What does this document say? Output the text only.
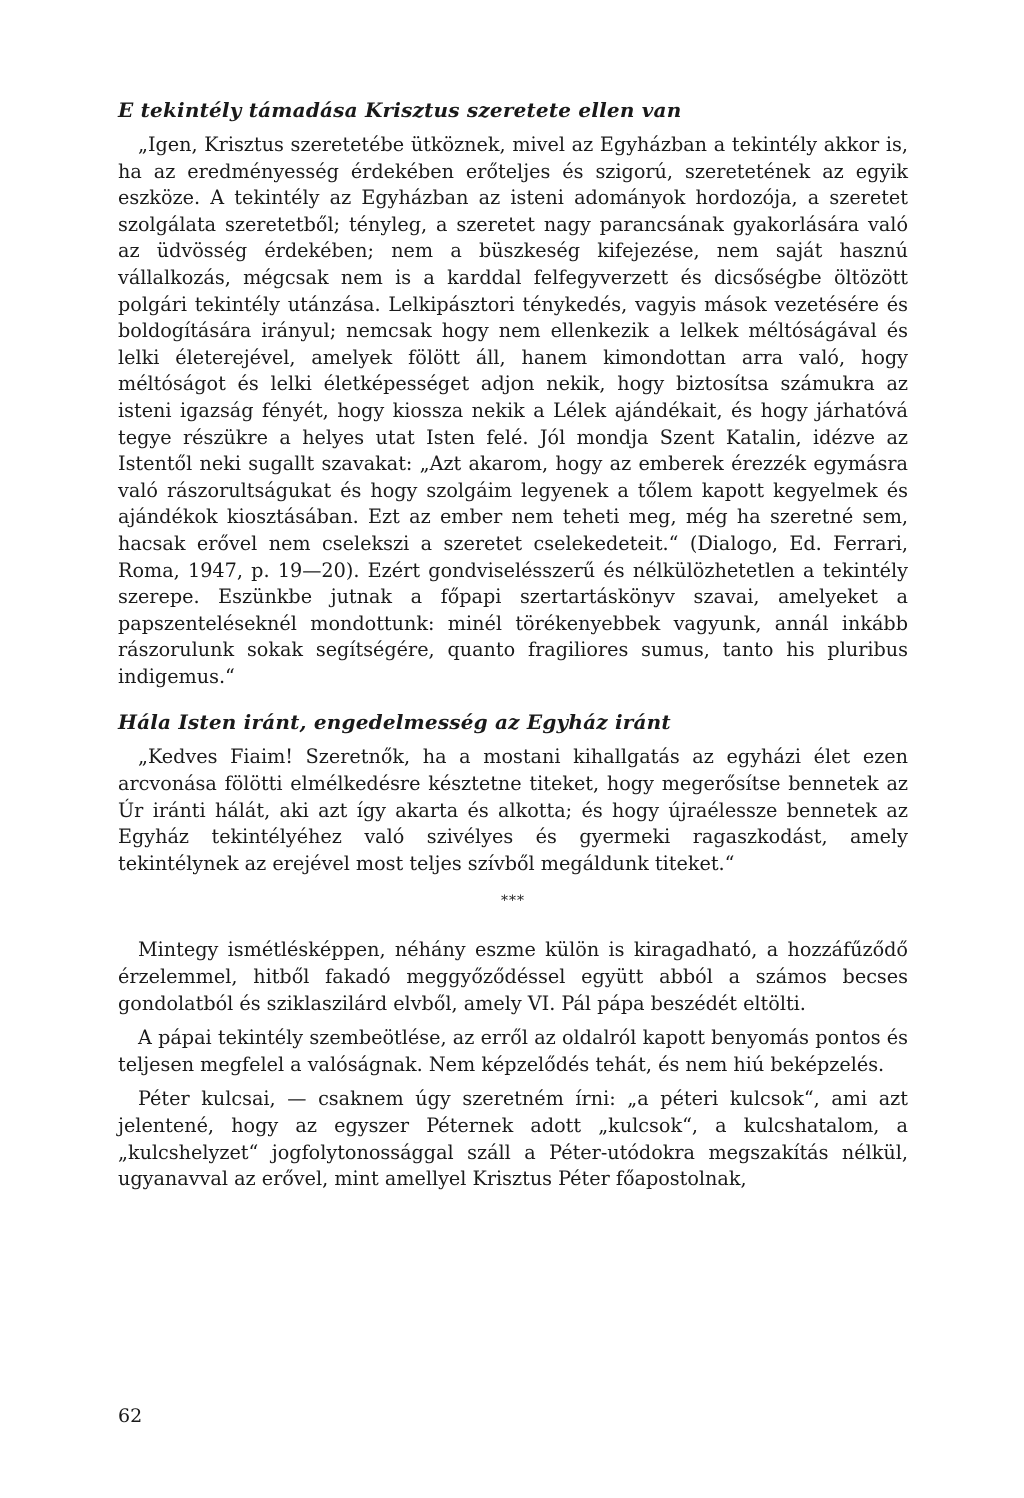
E tekintély támadása Krisztus szeretete ellen van

„Igen, Krisztus szeretetébe ütköznek, mivel az Egyházban a tekintély akkor is, ha az eredményesség érdekében erőteljes és szigorú, szeretetének az egyik eszköze. A tekintély az Egyházban az isteni adományok hordozója, a szeretet szolgálata szeretetből; tényleg, a szeretet nagy parancsának gyakorlására való az üdvösség érdekében; nem a büszkeség kifejezése, nem saját hasznú vállalkozás, mégcsak nem is a karddal felfegyverzett és dicsőségbe öltözött polgári tekintély utánzása. Lelkipásztori ténykedés, vagyis mások vezetésére és boldogítására irányul; nemcsak hogy nem ellenkezik a lelkek méltóságával és lelki életerejével, amelyek fölött áll, hanem kimondottan arra való, hogy méltóságot és lelki életképességet adjon nekik, hogy biztosítsa számukra az isteni igazság fényét, hogy kiossza nekik a Lélek ajándékait, és hogy járhatóvá tegye részükre a helyes utat Isten felé. Jól mondja Szent Katalin, idézve az Istentől neki sugallt szavakat: „Azt akarom, hogy az emberek érezzék egymásra való rászorultságukat és hogy szolgáim legyenek a tőlem kapott kegyelmek és ajándékok kiosztásában. Ezt az ember nem teheti meg, még ha szeretné sem, hacsak erővel nem cselekszi a szeretet cselekedeteit.“ (Dialogo, Ed. Ferrari, Roma, 1947, p. 19—20). Ezért gondviselésszerű és nélkülözhetetlen a tekintély szerepe. Eszünkbe jutnak a főpapi szertartáskönyv szavai, amelyeket a papszenteléseknél mondottunk: minél törékenyebbek vagyunk, annál inkább rászorulunk sokak segítségére, quanto fragiliores sumus, tanto his pluribus indigemus.“

Hála Isten iránt, engedelmesség az Egyház iránt

„Kedves Fiaim! Szeretnők, ha a mostani kihallgatás az egyházi élet ezen arcvonása fölötti elmélkedésre késztetne titeket, hogy megerősítse bennetek az Úr iránti hálát, aki azt így akarta és alkotta; és hogy újraélessze bennetek az Egyház tekintélyéhez való szivélyes és gyermeki ragaszkodást, amely tekintélynek az erejével most teljes szívből megáldunk titeket.“

***

Mintegy ismétlésképpen, néhány eszme külön is kiragadható, a hozzáfűződő érzelemmel, hitből fakadó meggyőződéssel együtt abból a számos becses gondolatból és sziklaszilárd elvből, amely VI. Pál pápa beszédét eltölti.

A pápai tekintély szembeötlése, az erről az oldalról kapott benyomás pontos és teljesen megfelel a valóságnak. Nem képzelődés tehát, és nem hiú beképzelés.

Péter kulcsai, — csaknem úgy szeretném írni: „a péteri kulcsok“, ami azt jelentené, hogy az egyszer Péternek adott „kulcsok“, a kulcshatalom, a „kulcshelyzet“ jogfolytonossággal száll a Péter-utódokra megszakítás nélkül, ugyanavval az erővel, mint amellyel Krisztus Péter főapostolnak,

62
